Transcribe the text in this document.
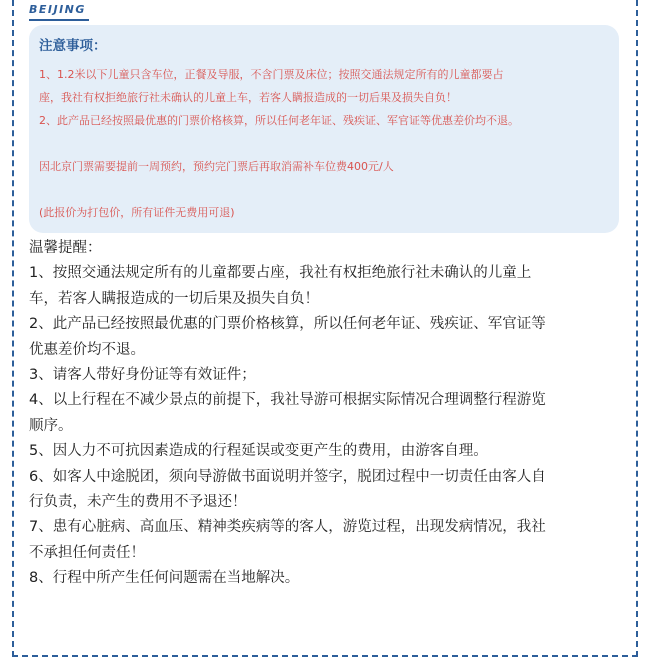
BEIJING
注意事项：

1、1.2米以下儿童只含车位，正餐及导服，不含门票及床位；按照交通法规定所有的儿童都要占

座，我社有权拒绝旅行社未确认的儿童上车，若客人瞒报造成的一切后果及损失自负！

2、此产品已经按照最优惠的门票价格核算，所以任何老年证、残疾证、军官证等优惠差价均不退。

因北京门票需要提前一周预约，预约完门票后再取消需补车位费400元/人

(此报价为打包价，所有证件无费用可退)

温馨提醒：

1、按照交通法规定所有的儿童都要占座，我社有权拒绝旅行社未确认的儿童上

车，若客人瞒报造成的一切后果及损失自负！

2、此产品已经按照最优惠的门票价格核算，所以任何老年证、残疾证、军官证等

优惠差价均不退。

3、请客人带好身份证等有效证件；

4、以上行程在不减少景点的前提下，我社导游可根据实际情况合理调整行程游览

顺序。

5、因人力不可抗因素造成的行程延误或变更产生的费用，由游客自理。

6、如客人中途脱团，须向导游做书面说明并签字，脱团过程中一切责任由客人自

行负责，未产生的费用不予退还！

7、患有心脏病、高血压、精神类疾病等的客人，游览过程，出现发病情况，我社

不承担任何责任！

8、行程中所产生任何问题需在当地解决。
